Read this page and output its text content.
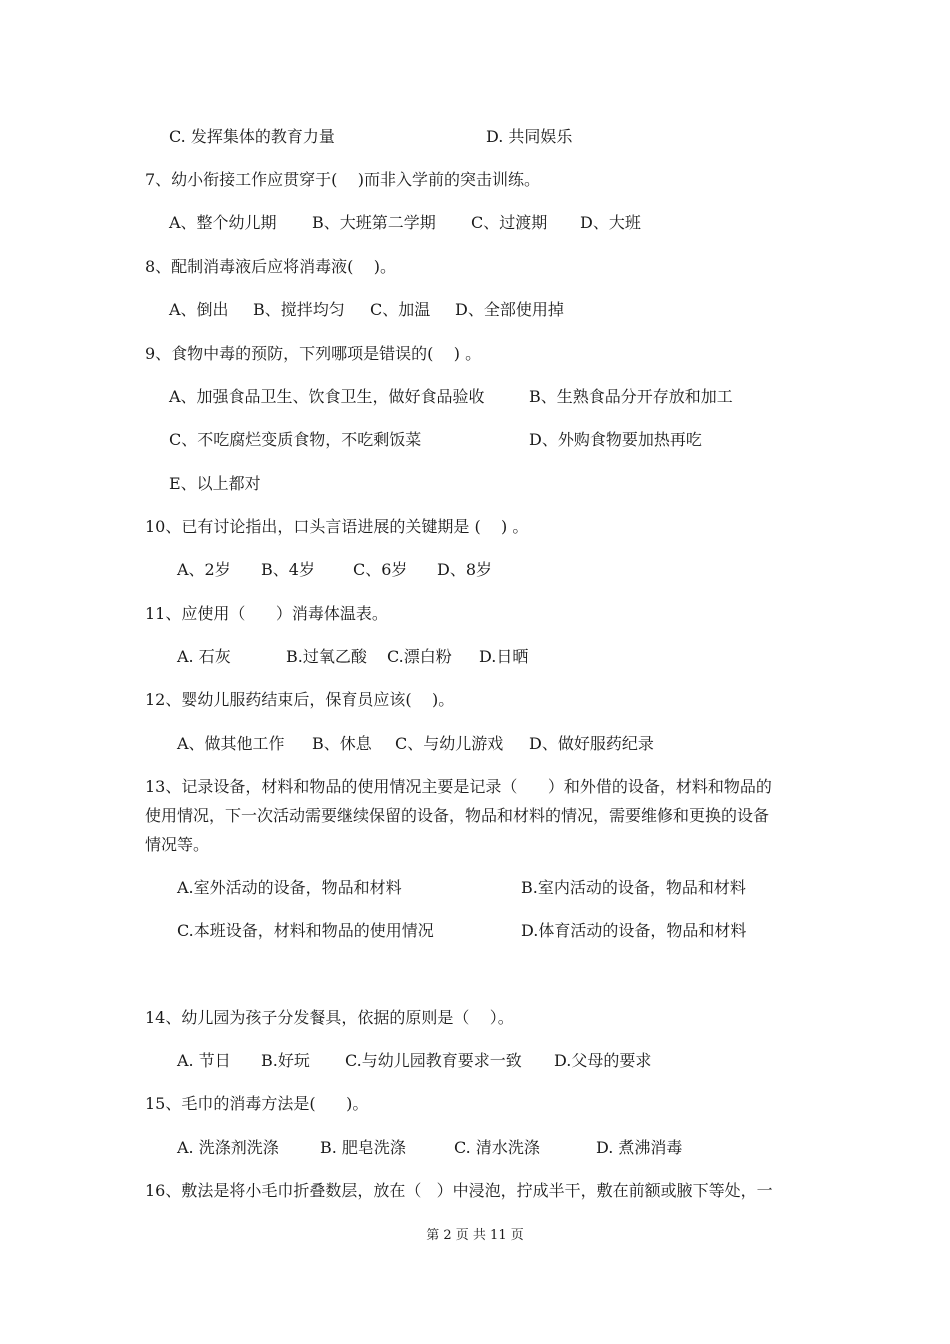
C. 发挥集体的教育力量	D. 共同娱乐
7、幼小衔接工作应贯穿于(    )而非入学前的突击训练。
A、整个幼儿期 B、大班第二学期 C、过渡期 D、大班
8、配制消毒液后应将消毒液(    )。
A、倒出 B、搅拌均匀 C、加温 D、全部使用掉
9、食物中毒的预防，下列哪项是错误的(    ) 。
A、加强食品卫生、饮食卫生，做好食品验收	B、生熟食品分开存放和加工
C、不吃腐烂变质食物，不吃剩饭菜	D、外购食物要加热再吃
E、以上都对
10、已有讨论指出，口头言语进展的关键期是 (    ) 。
A、2岁 B、4岁 C、6岁 D、8岁
11、应使用（      ）消毒体温表。
A. 石灰	B.过氧乙酸 C.漂白粉 D.日晒
12、婴幼儿服药结束后，保育员应该(    )。
A、做其他工作 B、休息 C、与幼儿游戏 D、做好服药纪录
13、记录设备，材料和物品的使用情况主要是记录（      ）和外借的设备，材料和物品的
使用情况，下一次活动需要继续保留的设备，物品和材料的情况，需要维修和更换的设备
情况等。
A.室外活动的设备，物品和材料	B.室内活动的设备，物品和材料
C.本班设备，材料和物品的使用情况	D.体育活动的设备，物品和材料
14、幼儿园为孩子分发餐具，依据的原则是（    ）。
A. 节日 B.好玩 C.与幼儿园教育要求一致 D.父母的要求
15、毛巾的消毒方法是(      )。
A. 洗涤剂洗涤	B. 肥皂洗涤	C. 清水洗涤	D. 煮沸消毒
16、敷法是将小毛巾折叠数层，放在（   ）中浸泡，拧成半干，敷在前额或腋下等处，一
第 2 页 共 11 页
